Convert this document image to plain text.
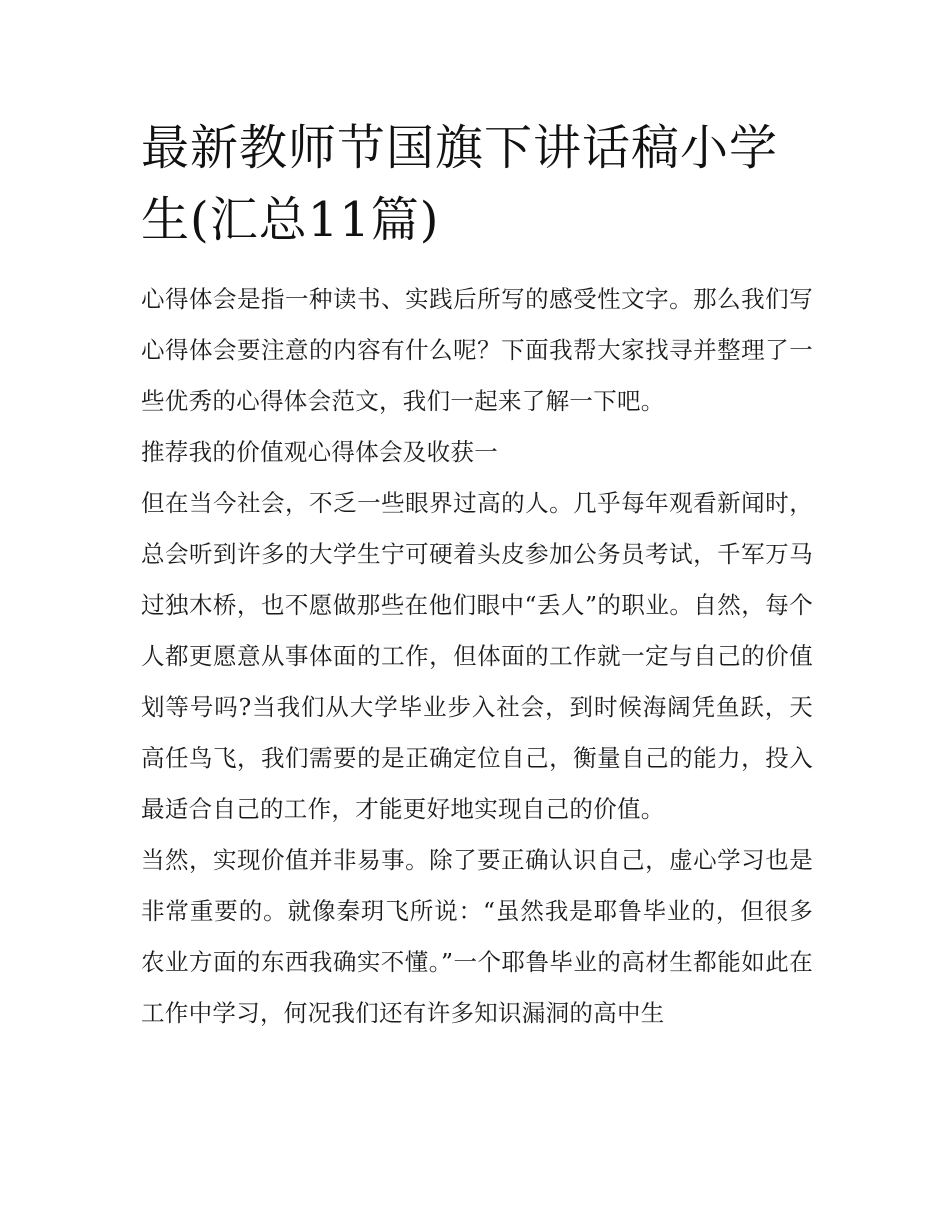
最新教师节国旗下讲话稿小学生(汇总11篇)

心得体会是指一种读书、实践后所写的感受性文字。那么我们写心得体会要注意的内容有什么呢？下面我帮大家找寻并整理了一些优秀的心得体会范文，我们一起来了解一下吧。

推荐我的价值观心得体会及收获一

但在当今社会，不乏一些眼界过高的人。几乎每年观看新闻时，总会听到许多的大学生宁可硬着头皮参加公务员考试，千军万马过独木桥，也不愿做那些在他们眼中“丢人”的职业。自然，每个人都更愿意从事体面的工作，但体面的工作就一定与自己的价值划等号吗?当我们从大学毕业步入社会，到时候海阔凭鱼跃，天高任鸟飞，我们需要的是正确定位自己，衡量自己的能力，投入最适合自己的工作，才能更好地实现自己的价值。

当然，实现价值并非易事。除了要正确认识自己，虚心学习也是非常重要的。就像秦玥飞所说：“虽然我是耶鲁毕业的，但很多农业方面的东西我确实不懂。”一个耶鲁毕业的高材生都能如此在工作中学习，何况我们还有许多知识漏洞的高中生
